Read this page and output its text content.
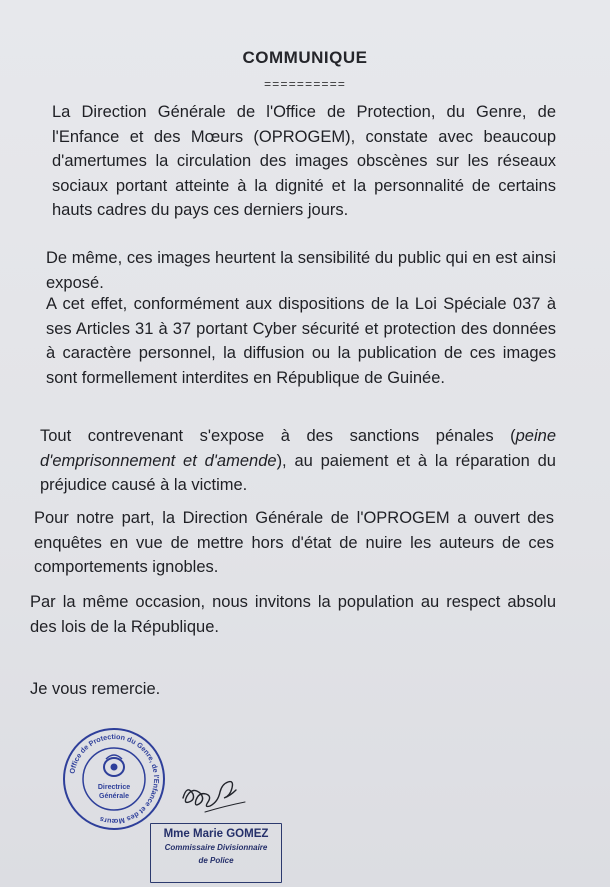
COMMUNIQUE
==========
La Direction Générale de l'Office de Protection, du Genre, de l'Enfance et des Mœurs (OPROGEM), constate avec beaucoup d'amertumes la circulation des images obscènes sur les réseaux sociaux portant atteinte à la dignité et la personnalité de certains hauts cadres du pays ces derniers jours.
De même, ces images heurtent la sensibilité du public qui en est ainsi exposé.
A cet effet, conformément aux dispositions de la Loi Spéciale 037 à ses Articles 31 à 37 portant Cyber sécurité et protection des données à caractère personnel, la diffusion ou la publication de ces images sont formellement interdites en République de Guinée.
Tout contrevenant s'expose à des sanctions pénales (peine d'emprisonnement et d'amende), au paiement et à la réparation du préjudice causé à la victime.
Pour notre part, la Direction Générale de l'OPROGEM a ouvert des enquêtes en vue de mettre hors d'état de nuire les auteurs de ces comportements ignobles.
Par la même occasion, nous invitons la population au respect absolu des lois de la République.
Je vous remercie.
Office de Protection du Genre, de l'Enfance et des Mœurs
Directrice
Générale
Mme Marie GOMEZ
Commissaire Divisionnaire
de Police
